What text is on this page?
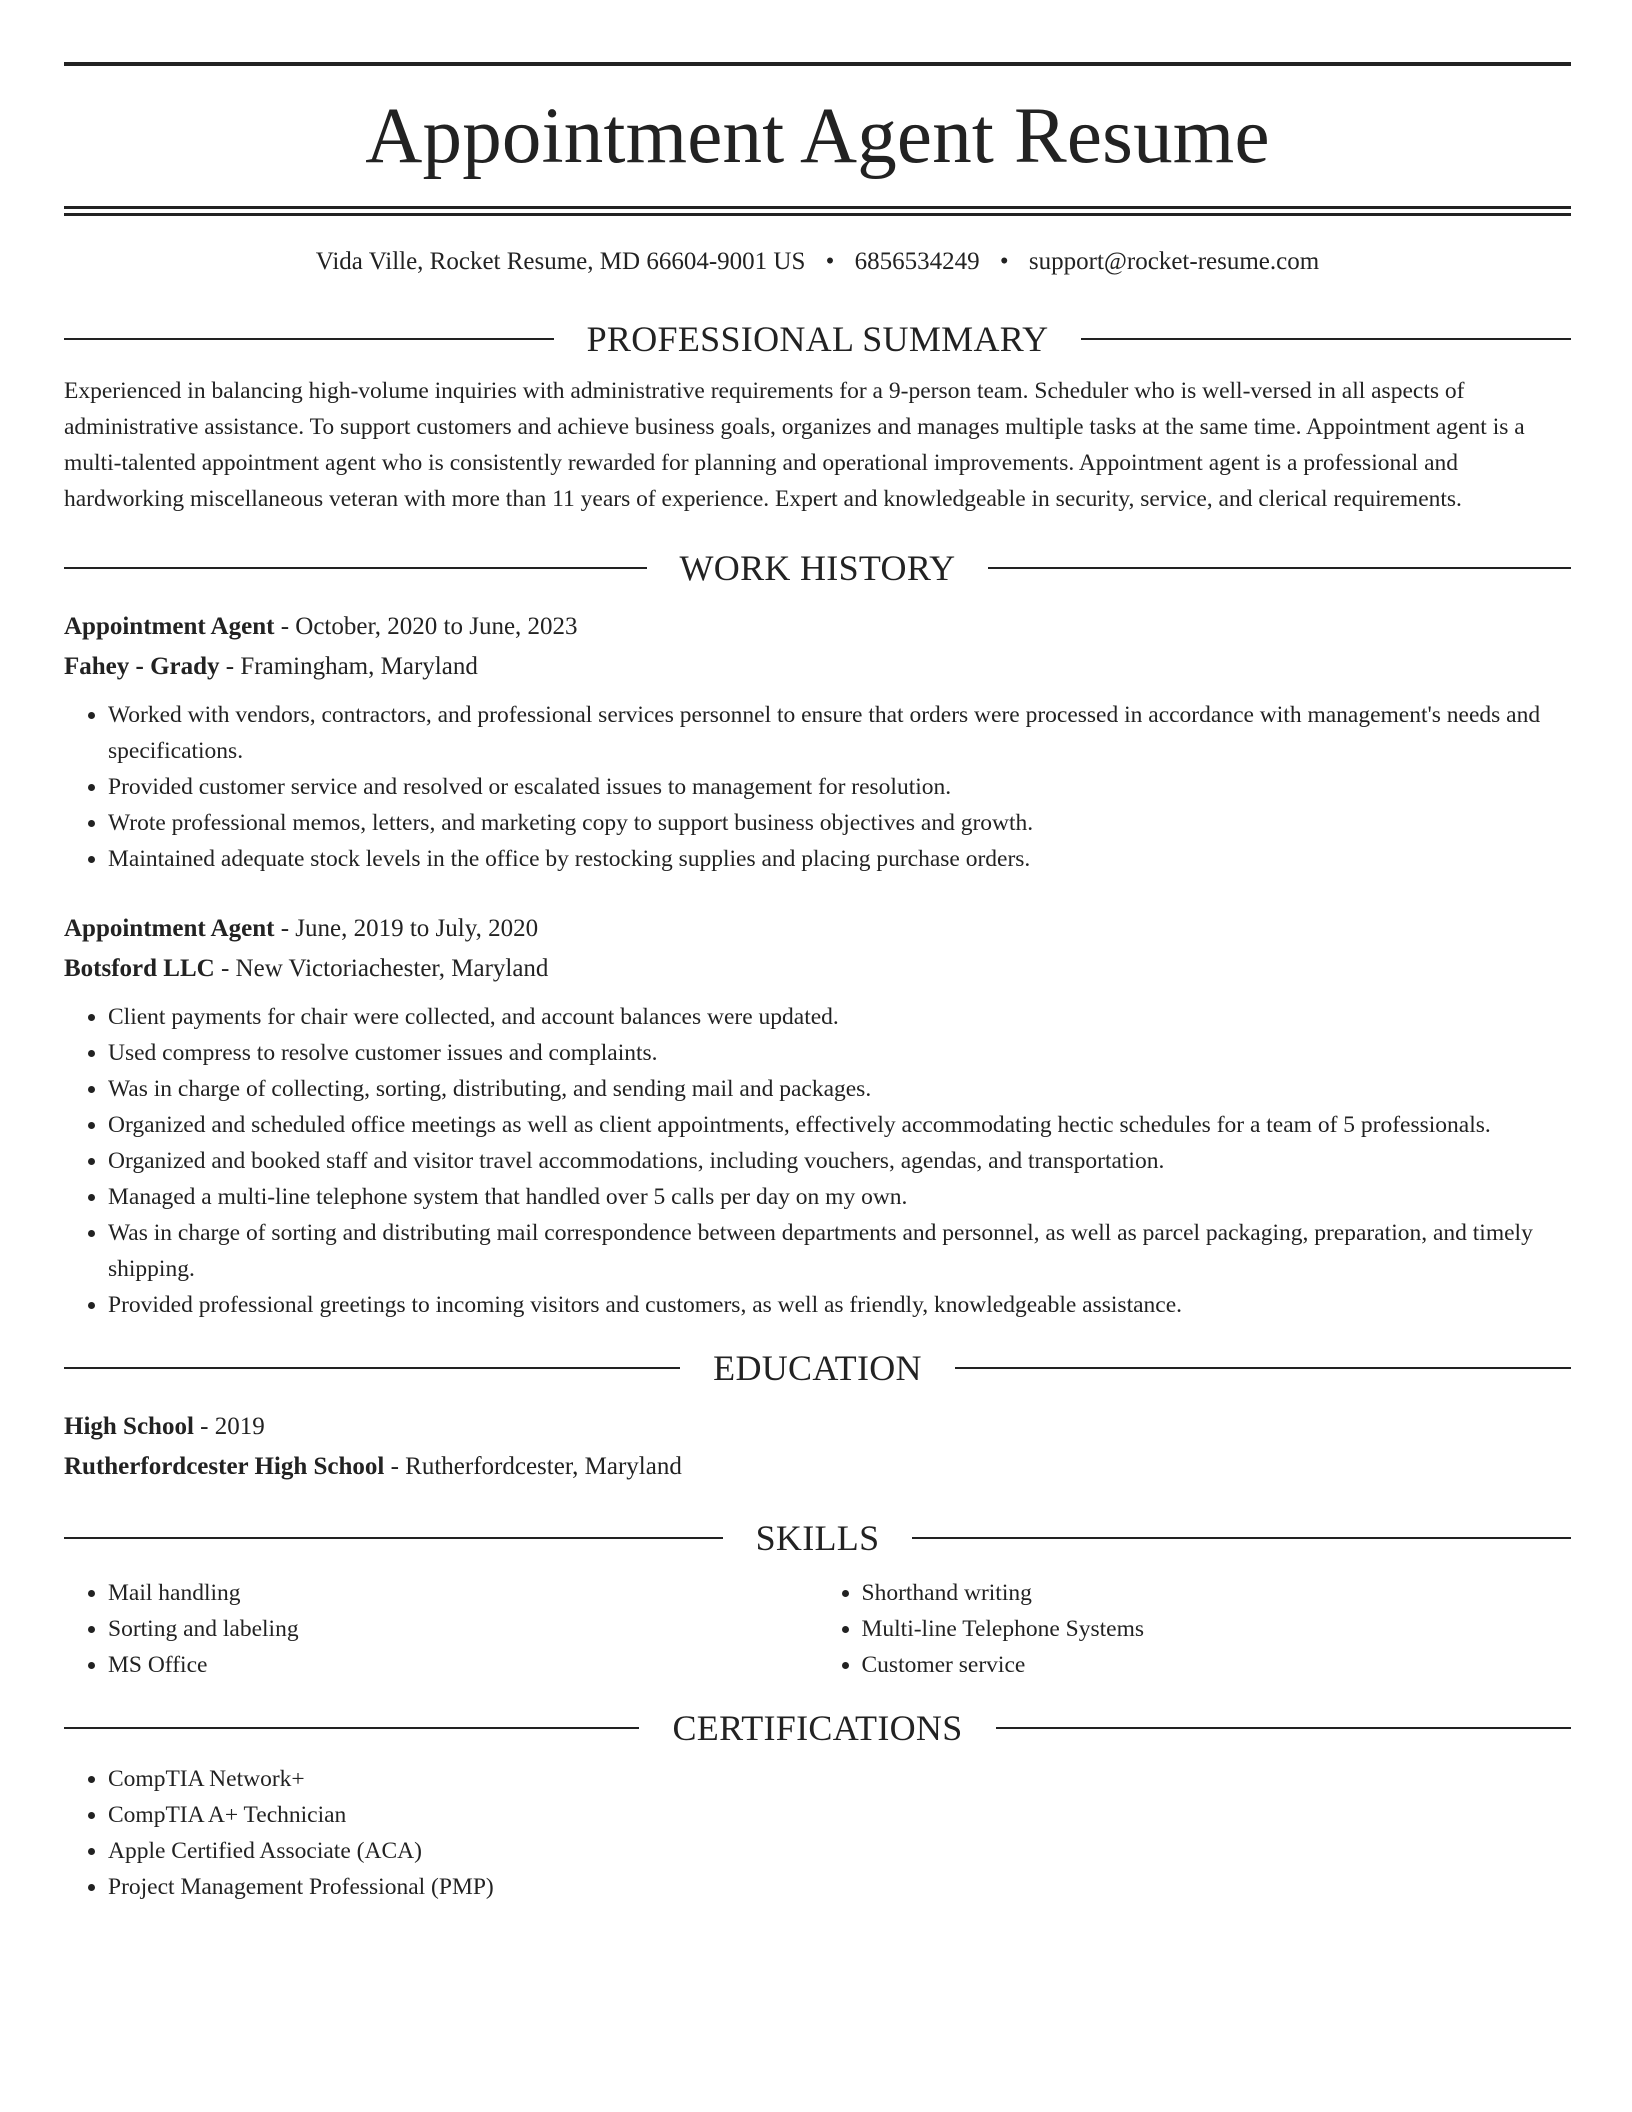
Appointment Agent Resume
Vida Ville, Rocket Resume, MD 66604-9001 US • 6856534249 • support@rocket-resume.com
PROFESSIONAL SUMMARY
Experienced in balancing high-volume inquiries with administrative requirements for a 9-person team. Scheduler who is well-versed in all aspects of administrative assistance. To support customers and achieve business goals, organizes and manages multiple tasks at the same time. Appointment agent is a multi-talented appointment agent who is consistently rewarded for planning and operational improvements. Appointment agent is a professional and hardworking miscellaneous veteran with more than 11 years of experience. Expert and knowledgeable in security, service, and clerical requirements.
WORK HISTORY
Appointment Agent - October, 2020 to June, 2023
Fahey - Grady - Framingham, Maryland
• Worked with vendors, contractors, and professional services personnel to ensure that orders were processed in accordance with management's needs and specifications.
• Provided customer service and resolved or escalated issues to management for resolution.
• Wrote professional memos, letters, and marketing copy to support business objectives and growth.
• Maintained adequate stock levels in the office by restocking supplies and placing purchase orders.
Appointment Agent - June, 2019 to July, 2020
Botsford LLC - New Victoriachester, Maryland
• Client payments for chair were collected, and account balances were updated.
• Used compress to resolve customer issues and complaints.
• Was in charge of collecting, sorting, distributing, and sending mail and packages.
• Organized and scheduled office meetings as well as client appointments, effectively accommodating hectic schedules for a team of 5 professionals.
• Organized and booked staff and visitor travel accommodations, including vouchers, agendas, and transportation.
• Managed a multi-line telephone system that handled over 5 calls per day on my own.
• Was in charge of sorting and distributing mail correspondence between departments and personnel, as well as parcel packaging, preparation, and timely shipping.
• Provided professional greetings to incoming visitors and customers, as well as friendly, knowledgeable assistance.
EDUCATION
High School - 2019
Rutherfordcester High School - Rutherfordcester, Maryland
SKILLS
• Mail handling
• Sorting and labeling
• MS Office
• Shorthand writing
• Multi-line Telephone Systems
• Customer service
CERTIFICATIONS
• CompTIA Network+
• CompTIA A+ Technician
• Apple Certified Associate (ACA)
• Project Management Professional (PMP)
